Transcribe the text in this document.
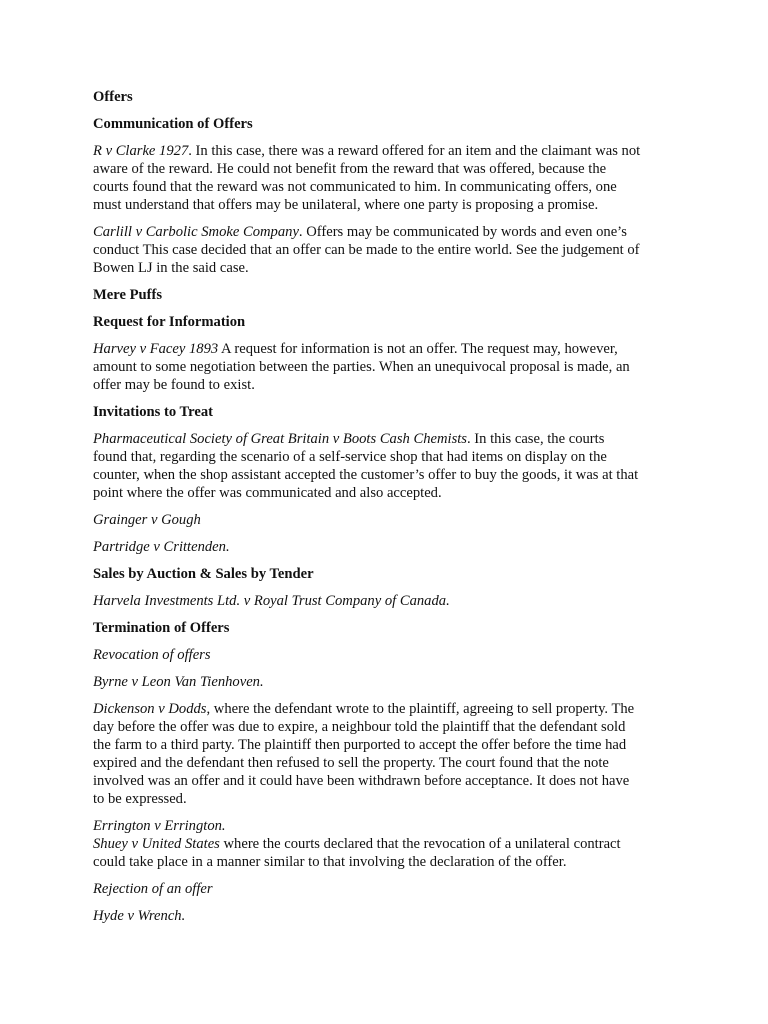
Offers
Communication of Offers

R v Clarke 1927. In this case, there was a reward offered for an item and the claimant was not
aware of the reward. He could not benefit from the reward that was offered, because the
courts found that the reward was not communicated to him. In communicating offers, one
must understand that offers may be unilateral, where one party is proposing a promise.

Carlill v Carbolic Smoke Company. Offers may be communicated by words and even one’s
conduct This case decided that an offer can be made to the entire world. See the judgement of
Bowen LJ in the said case.

Mere Puffs
Request for Information

Harvey v Facey 1893 A request for information is not an offer. The request may, however,
amount to some negotiation between the parties. When an unequivocal proposal is made, an
offer may be found to exist.

Invitations to Treat

Pharmaceutical Society of Great Britain v Boots Cash Chemists. In this case, the courts
found that, regarding the scenario of a self-service shop that had items on display on the
counter, when the shop assistant accepted the customer’s offer to buy the goods, it was at that
point where the offer was communicated and also accepted.

Grainger v Gough

Partridge v Crittenden.

Sales by Auction & Sales by Tender

Harvela Investments Ltd. v Royal Trust Company of Canada.

Termination of Offers

Revocation of offers

Byrne v Leon Van Tienhoven.

Dickenson v Dodds, where the defendant wrote to the plaintiff, agreeing to sell property. The
day before the offer was due to expire, a neighbour told the plaintiff that the defendant sold
the farm to a third party. The plaintiff then purported to accept the offer before the time had
expired and the defendant then refused to sell the property. The court found that the note
involved was an offer and it could have been withdrawn before acceptance. It does not have
to be expressed.

Errington v Errington.
Shuey v United States where the courts declared that the revocation of a unilateral contract
could take place in a manner similar to that involving the declaration of the offer.

Rejection of an offer

Hyde v Wrench.
